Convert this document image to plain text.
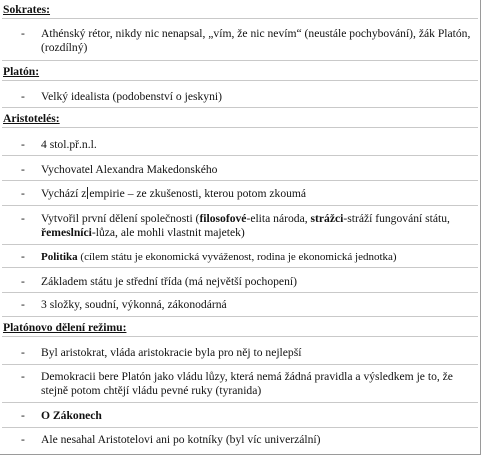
Sokrates:
- Athénský rétor, nikdy nic nenapsal, „vím, že nic nevím“ (neustále pochybování), žák Platón, (rozdílný)
Platón:
- Velký idealista (podobenství o jeskyni)
Aristotelés:
- 4 stol.př.n.l.
- Vychovatel Alexandra Makedonského
- Vychází z empirie – ze zkušenosti, kterou potom zkoumá
- Vytvořil první dělení společnosti (filosofové-elita národa, strážci-stráží fungování státu, řemeslníci-lůza, ale mohli vlastnit majetek)
- Politika (cílem státu je ekonomická vyváženost, rodina je ekonomická jednotka)
- Základem státu je střední třída (má největší pochopení)
- 3 složky, soudní, výkonná, zákonodárná
Platónovo dělení režimu:
- Byl aristokrat, vláda aristokracie byla pro něj to nejlepší
- Demokracii bere Platón jako vládu lůzy, která nemá žádná pravidla a výsledkem je to, že stejně potom chtějí vládu pevné ruky (tyranida)
- O Zákonech
- Ale nesahal Aristotelovi ani po kotníky (byl víc univerzální)
